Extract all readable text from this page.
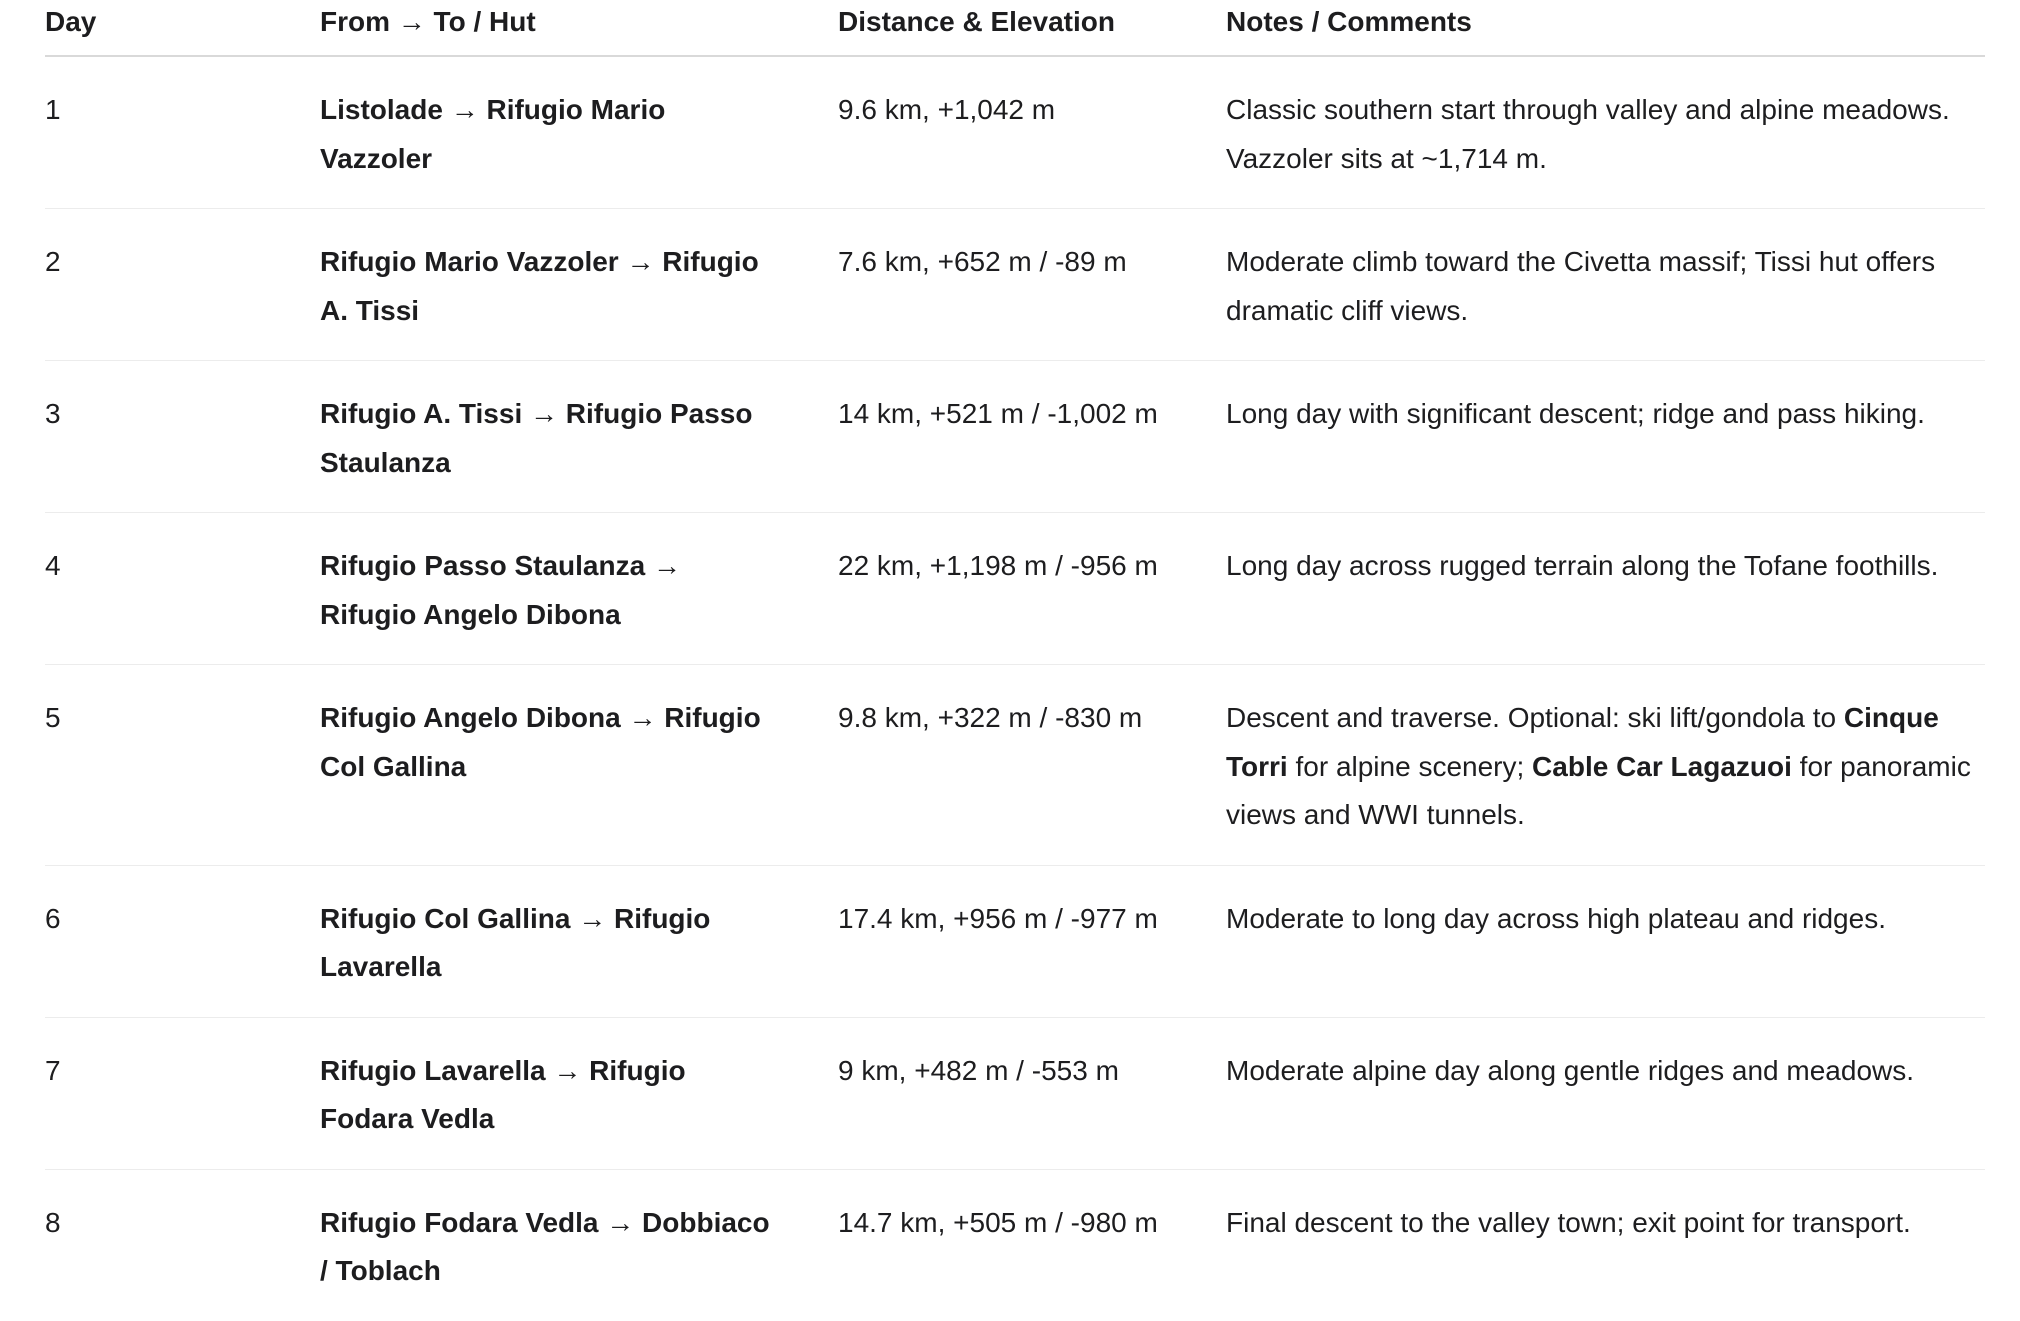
Day	From → To / Hut	Distance & Elevation	Notes / Comments
1	Listolade → Rifugio Mario Vazzoler	9.6 km, +1,042 m	Classic southern start through valley and alpine meadows. Vazzoler sits at ~1,714 m.
2	Rifugio Mario Vazzoler → Rifugio A. Tissi	7.6 km, +652 m / -89 m	Moderate climb toward the Civetta massif; Tissi hut offers dramatic cliff views.
3	Rifugio A. Tissi → Rifugio Passo Staulanza	14 km, +521 m / -1,002 m	Long day with significant descent; ridge and pass hiking.
4	Rifugio Passo Staulanza → Rifugio Angelo Dibona	22 km, +1,198 m / -956 m	Long day across rugged terrain along the Tofane foothills.
5	Rifugio Angelo Dibona → Rifugio Col Gallina	9.8 km, +322 m / -830 m	Descent and traverse. Optional: ski lift/gondola to Cinque Torri for alpine scenery; Cable Car Lagazuoi for panoramic views and WWI tunnels.
6	Rifugio Col Gallina → Rifugio Lavarella	17.4 km, +956 m / -977 m	Moderate to long day across high plateau and ridges.
7	Rifugio Lavarella → Rifugio Fodara Vedla	9 km, +482 m / -553 m	Moderate alpine day along gentle ridges and meadows.
8	Rifugio Fodara Vedla → Dobbiaco / Toblach	14.7 km, +505 m / -980 m	Final descent to the valley town; exit point for transport.
